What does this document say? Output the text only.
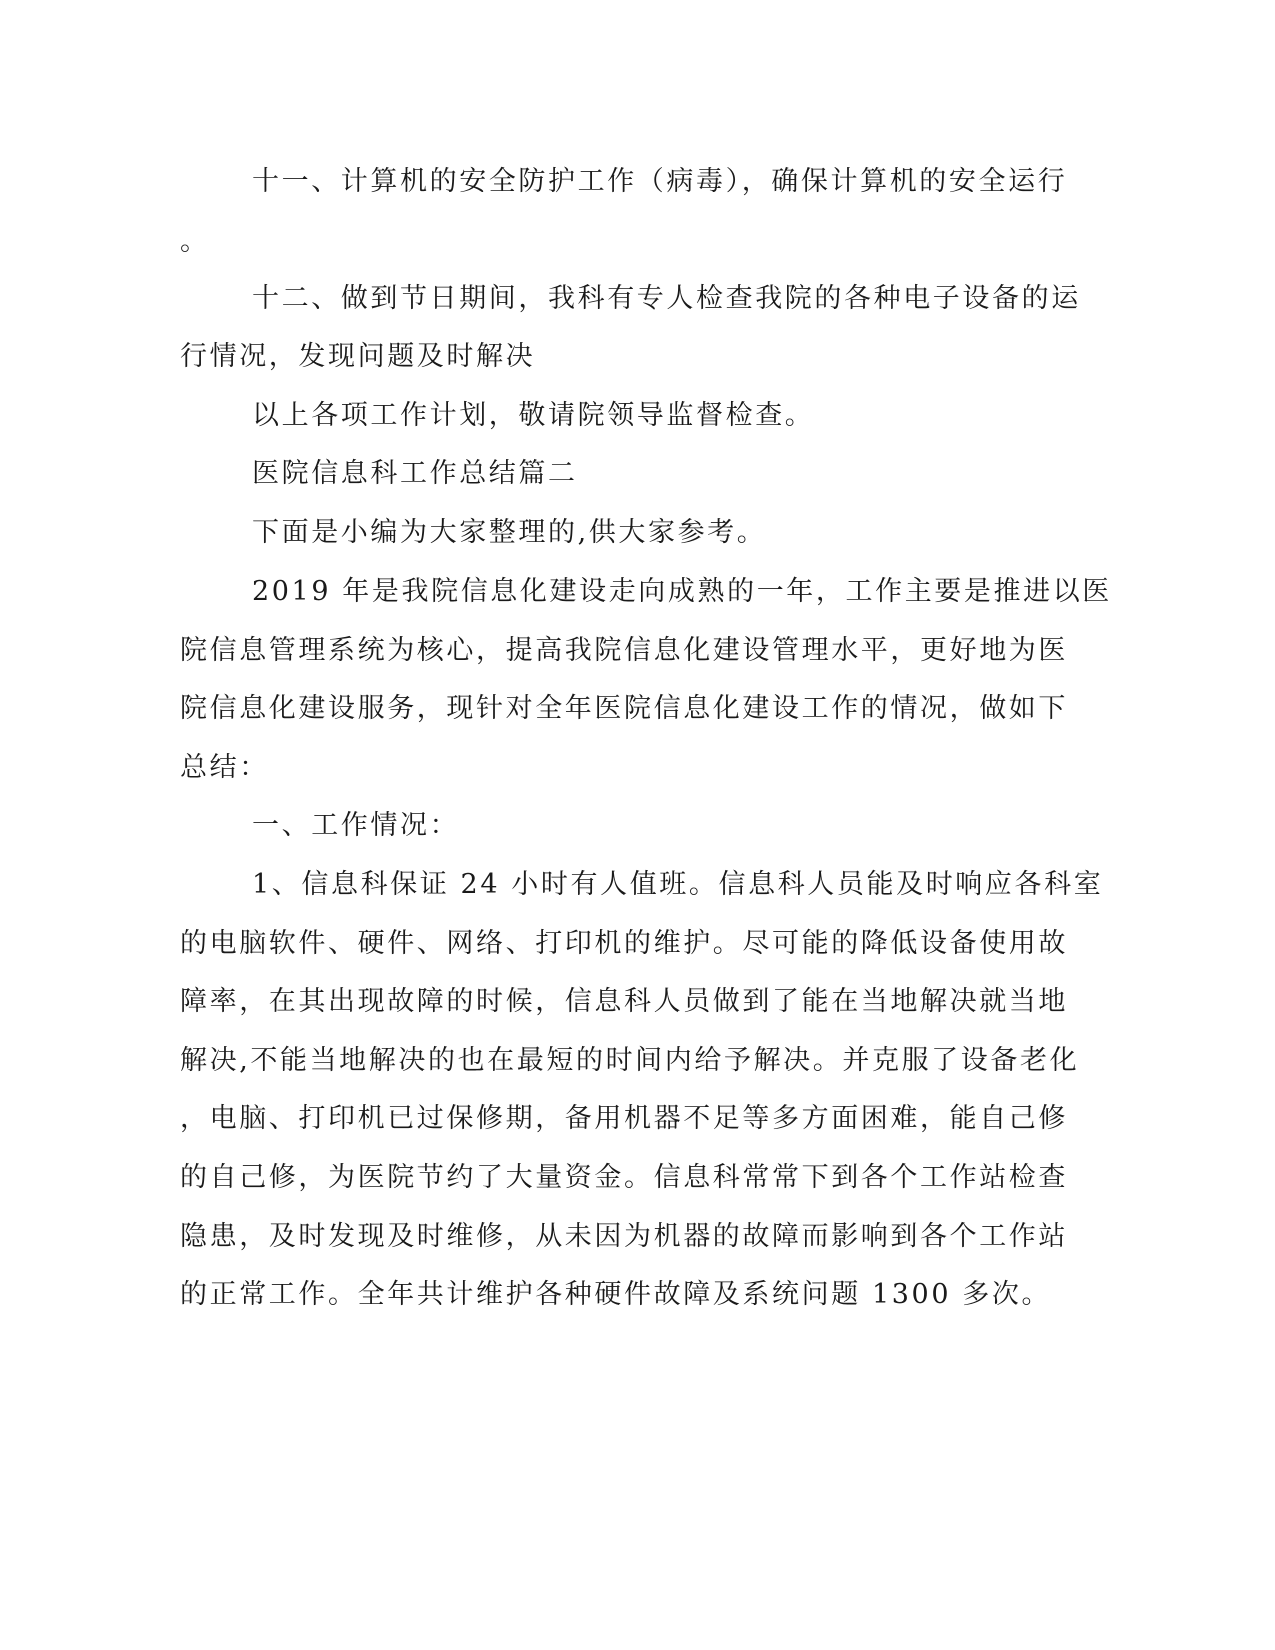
十一、计算机的安全防护工作（病毒），确保计算机的安全运行
。
十二、做到节日期间，我科有专人检查我院的各种电子设备的运
行情况，发现问题及时解决
以上各项工作计划，敬请院领导监督检查。
医院信息科工作总结篇二
下面是小编为大家整理的,供大家参考。
2019 年是我院信息化建设走向成熟的一年，工作主要是推进以医
院信息管理系统为核心，提高我院信息化建设管理水平，更好地为医
院信息化建设服务，现针对全年医院信息化建设工作的情况，做如下
总结：
一、工作情况：
1、信息科保证 24 小时有人值班。信息科人员能及时响应各科室
的电脑软件、硬件、网络、打印机的维护。尽可能的降低设备使用故
障率，在其出现故障的时候，信息科人员做到了能在当地解决就当地
解决,不能当地解决的也在最短的时间内给予解决。并克服了设备老化
，电脑、打印机已过保修期，备用机器不足等多方面困难，能自己修
的自己修，为医院节约了大量资金。信息科常常下到各个工作站检查
隐患，及时发现及时维修，从未因为机器的故障而影响到各个工作站
的正常工作。全年共计维护各种硬件故障及系统问题 1300 多次。
